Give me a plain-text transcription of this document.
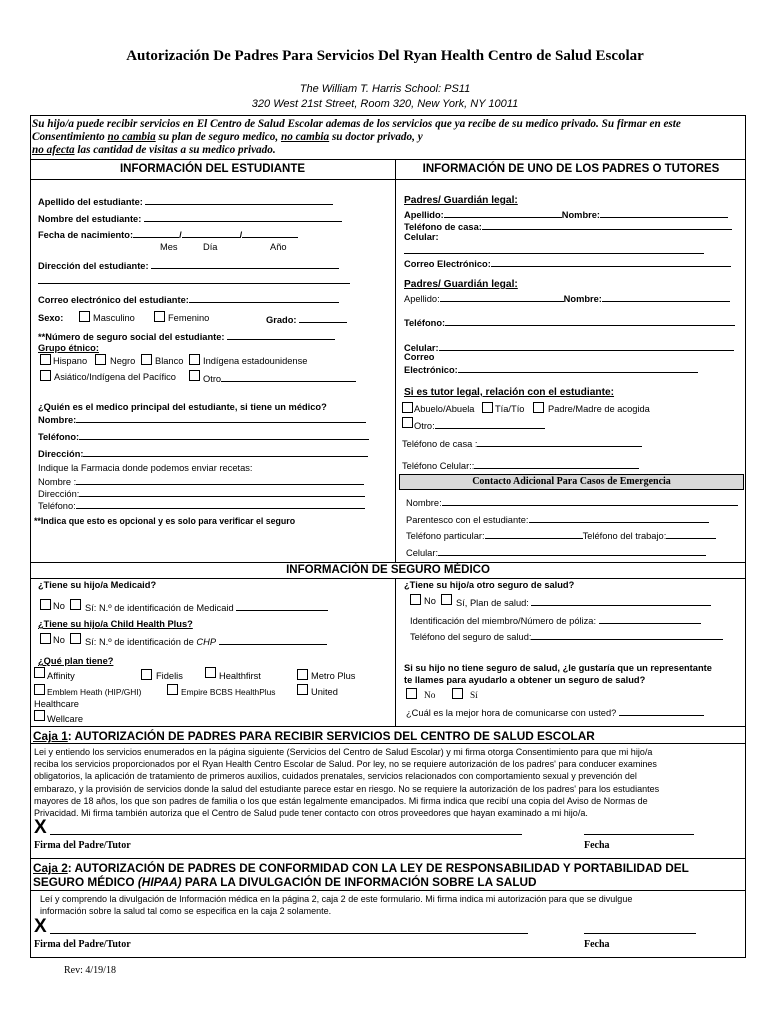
Autorización De Padres Para Servicios Del Ryan Health Centro de Salud Escolar
The William T. Harris School: PS11
320 West 21st Street, Room 320, New York, NY 10011
Su hijo/a puede recibir servicios en El Centro de Salud Escolar ademas de los servicios que ya recibe de su medico privado. Su firmar en este Consentimiento no cambia su plan de seguro medico, no cambia su doctor privado, y
no afecta las cantidad de visitas a su medico privado.
INFORMACIÓN DEL ESTUDIANTE	INFORMACIÓN DE UNO DE LOS PADRES O TUTORES
Apellido del estudiante:
Nombre del estudiante:
Fecha de nacimiento:	/	/
Mes	Día	Año
Dirección del estudiante:
Correo electrónico del estudiante:
Sexo:	Masculino	Femenino	Grado:
**Número de seguro social del estudiante:
Grupo étnico:
Hispano Negro Blanco Indígena estadounidense
Asiático/Indígena del Pacífico	Otro
¿Quién es el medico principal del estudiante, si tiene un médico?
Nombre:
Teléfono:
Dirección:
Indique la Farmacia donde podemos enviar recetas:
Nombre :
Dirección:
Teléfono:
**Indica que esto es opcional y es solo para verificar el seguro
Padres/ Guardián legal:
Apellido:	Nombre:
Teléfono de casa:
Celular:
Correo Electrónico:
Padres/ Guardián legal:
Apellido:	Nombre:
Teléfono:
Celular:
Correo
Electrónico:
Si es tutor legal, relación con el estudiante:
Abuelo/Abuela Tía/Tío	Padre/Madre de acogida
Otro:
Teléfono de casa :
Teléfono Celular::
Contacto Adicional Para Casos de Emergencia
Nombre:
Parentesco con el estudiante:
Teléfono particular:	Teléfono del trabajo:
Celular:
INFORMACIÓN DE SEGURO MÉDICO
¿Tiene su hijo/a Medicaid?
No Sí: N.º de identificación de Medicaid
¿Tiene su hijo/a Child Health Plus?
No Sí: N.º de identificación de CHP
¿Qué plan tiene?
Affinity	Fidelis	Healthfirst	Metro Plus
Emblem Heath (HIP/GHI)	Empire BCBS HealthPlus	United
Healthcare
Wellcare
¿Tiene su hijo/a otro seguro de salud?
No Sí, Plan de salud:
Identificación del miembro/Número de póliza:
Teléfono del seguro de salud:
Si su hijo no tiene seguro de salud, ¿le gustaría que un representante
te llames para ayudarlo a obtener un seguro de salud?
No	Sí
¿Cuál es la mejor hora de comunicarse con usted?
Caja 1: AUTORIZACIÓN DE PADRES PARA RECIBIR SERVICIOS DEL CENTRO DE SALUD ESCOLAR
Lei y entiendo los servicios enumerados en la página siguiente (Servicios del Centro de Salud Escolar) y mi firma otorga Consentimiento para que mi hijo/a
reciba los servicios proporcionados por el Ryan Health Centro Escolar de Salud. Por ley, no se requiere autorización de los padres' para conducer examines
obligatorios, la aplicación de tratamiento de primeros auxilios, cuidados prenatales, servicios relacionados con comportamiento sexual y prevención del
embarazo, y la provisión de servicios donde la salud del estudiante parece estar en riesgo. No se requiere la autorización de los padres' para los estudiantes
mayores de 18 años, los que son padres de familia o los que están legalmente emancipados. Mi firma indica que recibí una copia del Aviso de Normas de
Privacidad. Mi firma también autoriza que el Centro de Salud pude tener contacto con otros proveedores que hayan examinado a mi hijo/a.
X
Firma del Padre/Tutor	Fecha
Caja 2: AUTORIZACIÓN DE PADRES DE CONFORMIDAD CON LA LEY DE RESPONSABILIDAD Y PORTABILIDAD DEL
SEGURO MÉDICO (HIPAA) PARA LA DIVULGACIÓN DE INFORMACIÓN SOBRE LA SALUD
Leí y comprendo la divulgación de Información médica en la página 2, caja 2 de este formulario. Mi firma indica mi autorización para que se divulgue
información sobre la salud tal como se especifica en la caja 2 solamente.
X
Firma del Padre/Tutor	Fecha
Rev: 4/19/18
